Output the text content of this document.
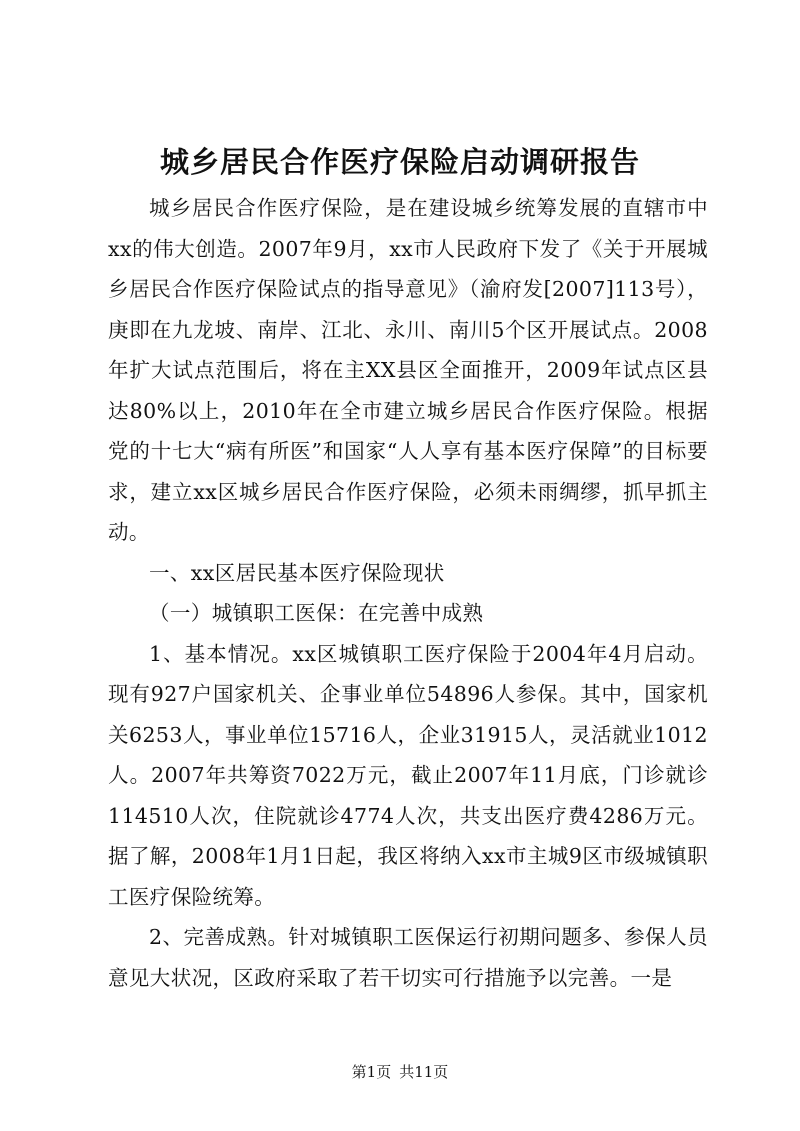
城乡居民合作医疗保险启动调研报告

城乡居民合作医疗保险，是在建设城乡统筹发展的直辖市中xx的伟大创造。2007年9月，xx市人民政府下发了《关于开展城乡居民合作医疗保险试点的指导意见》（渝府发[2007]113号），庚即在九龙坡、南岸、江北、永川、南川5个区开展试点。2008年扩大试点范围后，将在主XX县区全面推开，2009年试点区县达80%以上，2010年在全市建立城乡居民合作医疗保险。根据党的十七大“病有所医”和国家“人人享有基本医疗保障”的目标要求，建立xx区城乡居民合作医疗保险，必须未雨绸缪，抓早抓主动。

一、xx区居民基本医疗保险现状

（一）城镇职工医保：在完善中成熟

1、基本情况。xx区城镇职工医疗保险于2004年4月启动。现有927户国家机关、企事业单位54896人参保。其中，国家机关6253人，事业单位15716人，企业31915人，灵活就业1012人。2007年共筹资7022万元，截止2007年11月底，门诊就诊114510人次，住院就诊4774人次，共支出医疗费4286万元。据了解，2008年1月1日起，我区将纳入xx市主城9区市级城镇职工医疗保险统筹。

2、完善成熟。针对城镇职工医保运行初期问题多、参保人员意见大状况，区政府采取了若干切实可行措施予以完善。一是

第1页 共11页
